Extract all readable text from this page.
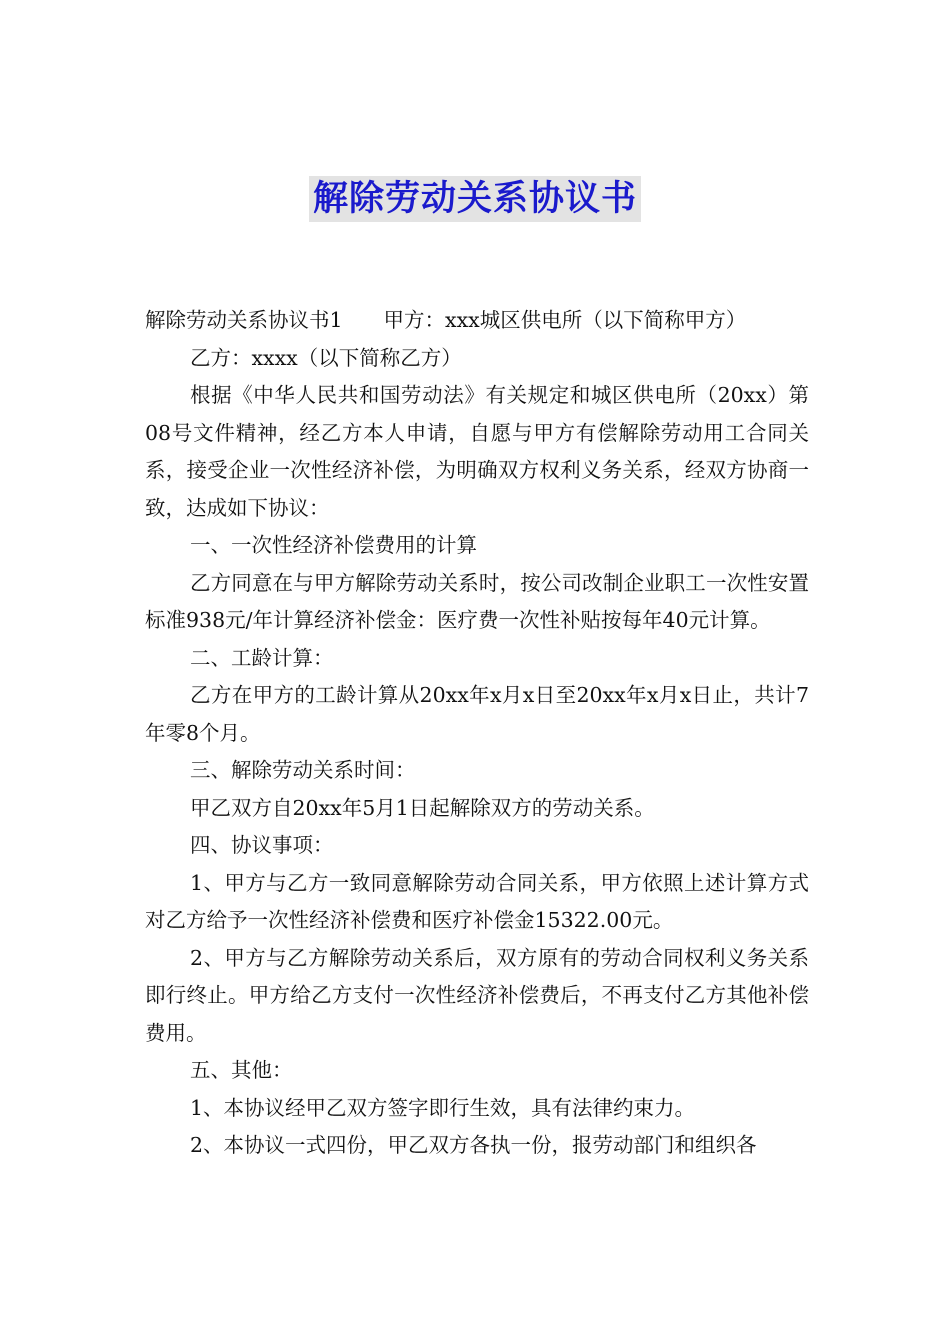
解除劳动关系协议书

解除劳动关系协议书1　　甲方：xxx城区供电所（以下简称甲方）

乙方：xxxx（以下简称乙方）

根据《中华人民共和国劳动法》有关规定和城区供电所（20xx）第08号文件精神，经乙方本人申请，自愿与甲方有偿解除劳动用工合同关系，接受企业一次性经济补偿，为明确双方权利义务关系，经双方协商一致，达成如下协议：

一、一次性经济补偿费用的计算

乙方同意在与甲方解除劳动关系时，按公司改制企业职工一次性安置标准938元/年计算经济补偿金：医疗费一次性补贴按每年40元计算。

二、工龄计算：

乙方在甲方的工龄计算从20xx年x月x日至20xx年x月x日止，共计7年零8个月。

三、解除劳动关系时间：

甲乙双方自20xx年5月1日起解除双方的劳动关系。

四、协议事项：

1、甲方与乙方一致同意解除劳动合同关系，甲方依照上述计算方式对乙方给予一次性经济补偿费和医疗补偿金15322.00元。

2、甲方与乙方解除劳动关系后，双方原有的劳动合同权利义务关系即行终止。甲方给乙方支付一次性经济补偿费后，不再支付乙方其他补偿费用。

五、其他：

1、本协议经甲乙双方签字即行生效，具有法律约束力。

2、本协议一式四份，甲乙双方各执一份，报劳动部门和组织各
